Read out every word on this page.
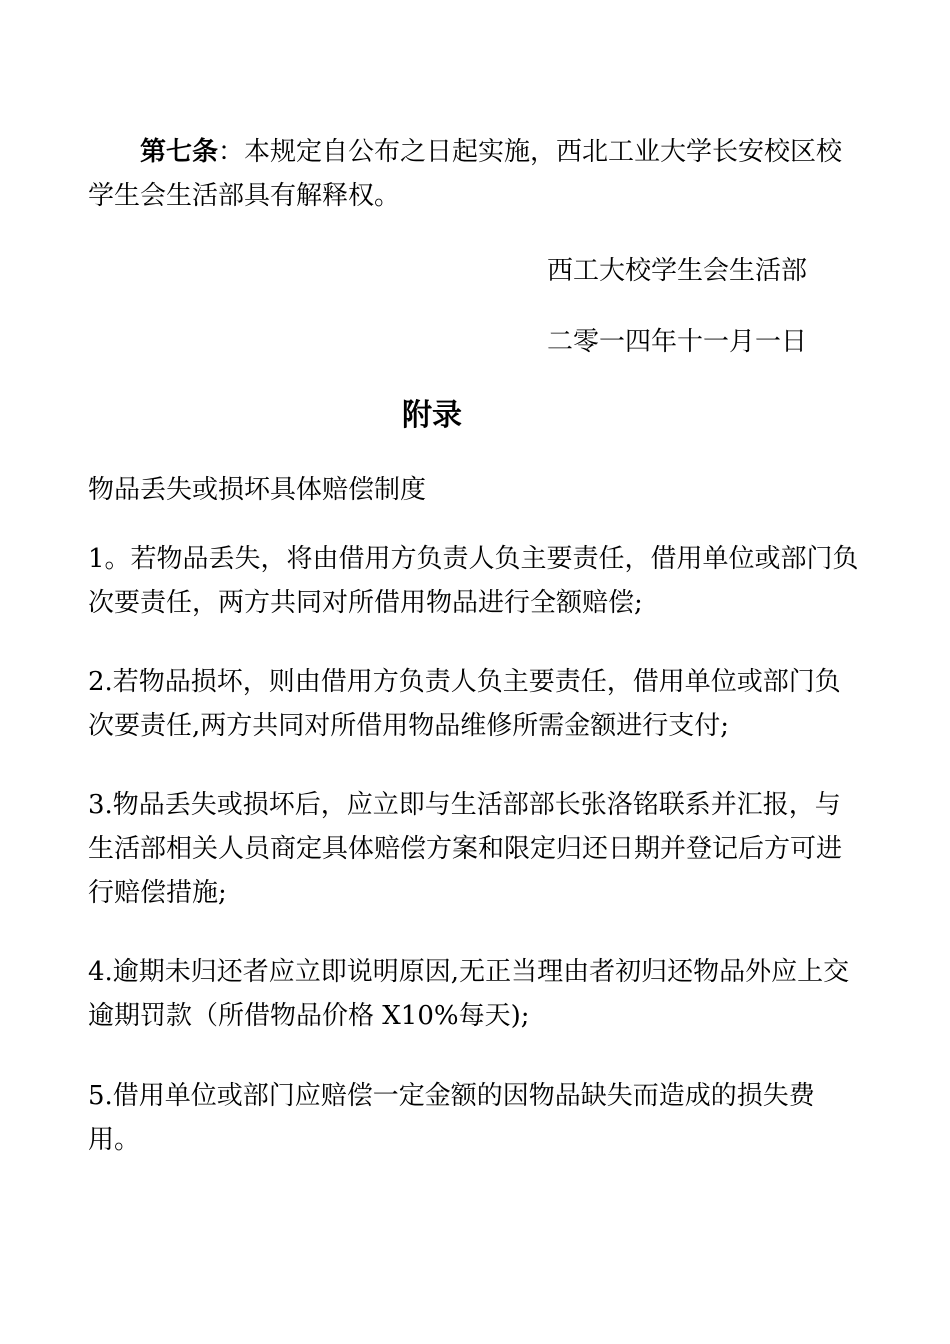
第七条：本规定自公布之日起实施，西北工业大学长安校区校学生会生活部具有解释权。

西工大校学生会生活部

二零一四年十一月一日

附录

物品丢失或损坏具体赔偿制度

1。若物品丢失，将由借用方负责人负主要责任，借用单位或部门负次要责任，两方共同对所借用物品进行全额赔偿;

2.若物品损坏，则由借用方负责人负主要责任，借用单位或部门负次要责任,两方共同对所借用物品维修所需金额进行支付;

3.物品丢失或损坏后，应立即与生活部部长张洛铭联系并汇报，与生活部相关人员商定具体赔偿方案和限定归还日期并登记后方可进行赔偿措施;

4.逾期未归还者应立即说明原因,无正当理由者初归还物品外应上交逾期罚款（所借物品价格 X10%每天);

5.借用单位或部门应赔偿一定金额的因物品缺失而造成的损失费用。
